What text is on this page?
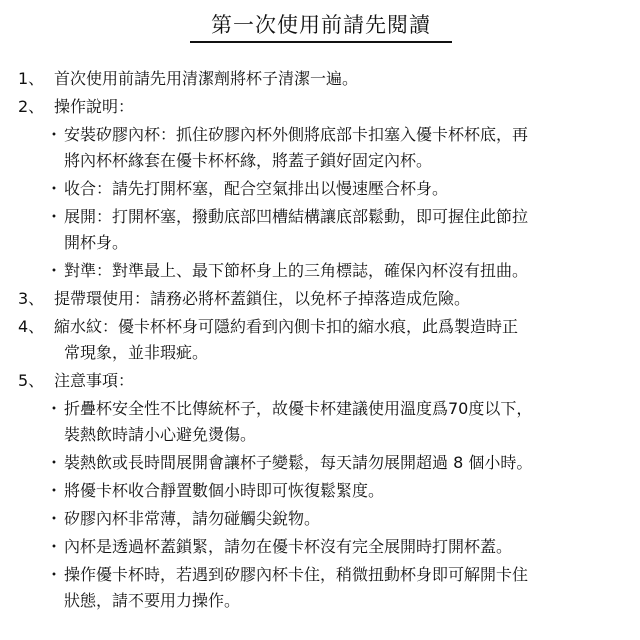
第一次使用前請先閱讀
1、 首次使用前請先用清潔劑將杯子清潔一遍。
2、 操作說明：
・ 安裝矽膠內杯：抓住矽膠內杯外側將底部卡扣塞入優卡杯杯底，再
將內杯杯緣套在優卡杯杯緣，將蓋子鎖好固定內杯。
・ 收合：請先打開杯塞，配合空氣排出以慢速壓合杯身。
・ 展開：打開杯塞，撥動底部凹槽結構讓底部鬆動，即可握住此節拉
開杯身。
・ 對準：對準最上、最下節杯身上的三角標誌，確保內杯沒有扭曲。
3、 提帶環使用：請務必將杯蓋鎖住，以免杯子掉落造成危險。
4、 縮水紋：優卡杯杯身可隱約看到內側卡扣的縮水痕，此爲製造時正
常現象，並非瑕疵。
5、 注意事項：
・ 折疊杯安全性不比傳統杯子，故優卡杯建議使用溫度爲70度以下，
裝熱飲時請小心避免燙傷。
・ 裝熱飲或長時間展開會讓杯子變鬆，每天請勿展開超過 8 個小時。
・ 將優卡杯收合靜置數個小時即可恢復鬆緊度。
・ 矽膠內杯非常薄，請勿碰觸尖銳物。
・ 內杯是透過杯蓋鎖緊，請勿在優卡杯沒有完全展開時打開杯蓋。
・ 操作優卡杯時，若遇到矽膠內杯卡住，稍微扭動杯身即可解開卡住
狀態，請不要用力操作。
